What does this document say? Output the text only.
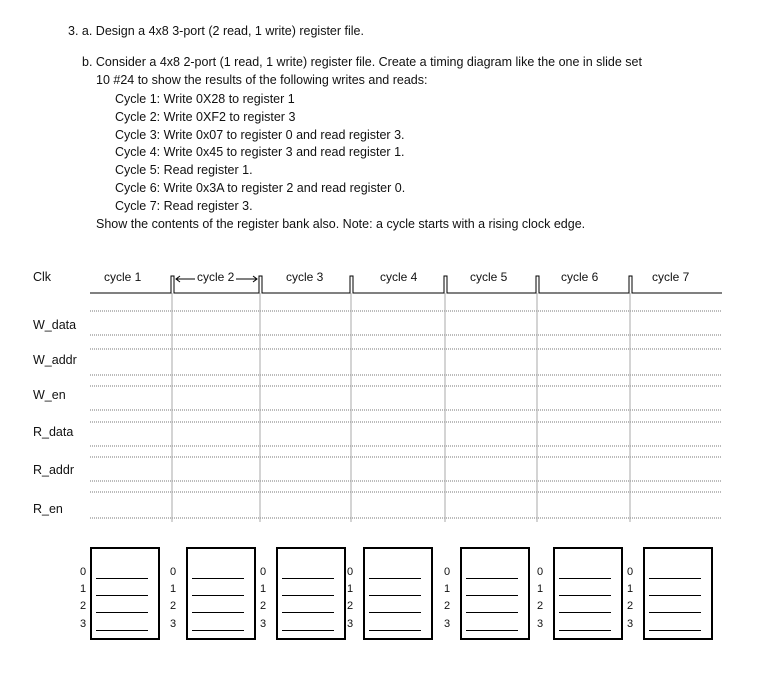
3. a. Design a 4x8 3-port (2 read, 1 write) register file.
b. Consider a 4x8 2-port (1 read, 1 write) register file. Create a timing diagram like the one in slide set
10 #24 to show the results of the following writes and reads:
Cycle 1: Write 0X28 to register 1
Cycle 2: Write 0XF2 to register 3
Cycle 3: Write 0x07 to register 0 and read register 3.
Cycle 4: Write 0x45 to register 3 and read register 1.
Cycle 5: Read register 1.
Cycle 6: Write 0x3A to register 2 and read register 0.
Cycle 7: Read register 3.
Show the contents of the register bank also. Note: a cycle starts with a rising clock edge.
Clk
W_data
W_addr
W_en
R_data
R_addr
R_en
cycle 1	cycle 2	cycle 3	cycle 4	cycle 5	cycle 6	cycle 7
0
1
2
3
0
1
2
3
0
1
2
3
0
1
2
3
0
1
2
3
0
1
2
3
0
1
2
3
